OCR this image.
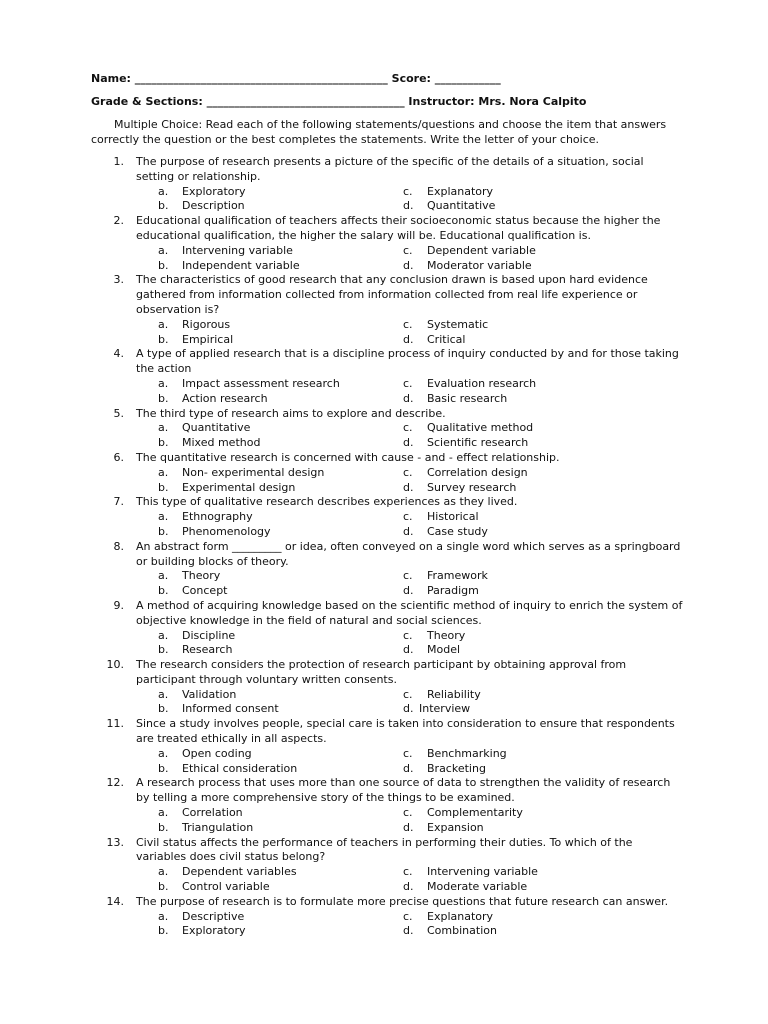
Name: ______________________________________________ Score: ____________
Grade & Sections: ____________________________________ Instructor: Mrs. Nora Calpito
Multiple Choice: Read each of the following statements/questions and choose the item that answers correctly the question or the best completes the statements. Write the letter of your choice.
1. The purpose of research presents a picture of the specific of the details of a situation, social setting or relationship.
a.	Exploratory	c.	Explanatory
b.	Description	d.	Quantitative
2. Educational qualification of teachers affects their socioeconomic status because the higher the educational qualification, the higher the salary will be. Educational qualification is.
a.	Intervening variable	c.	Dependent variable
b.	Independent variable	d.	Moderator variable
3. The characteristics of good research that any conclusion drawn is based upon hard evidence gathered from information collected from information collected from real life experience or observation is?
a.	Rigorous	c.	Systematic
b.	Empirical	d.	Critical
4. A type of applied research that is a discipline process of inquiry conducted by and for those taking the action
a.	Impact assessment research	c.	Evaluation research
b.	Action research	d.	Basic research
5. The third type of research aims to explore and describe.
a.	Quantitative	c.	Qualitative method
b.	Mixed method	d.	Scientific research
6. The quantitative research is concerned with cause - and - effect relationship.
a.	Non- experimental design	c.	Correlation design
b.	Experimental design	d.	Survey research
7. This type of qualitative research describes experiences as they lived.
a.	Ethnography	c.	Historical
b.	Phenomenology	d.	Case study
8. An abstract form _________ or idea, often conveyed on a single word which serves as a springboard or building blocks of theory.
a.	Theory	c.	Framework
b.	Concept	d.	Paradigm
9. A method of acquiring knowledge based on the scientific method of inquiry to enrich the system of objective knowledge in the field of natural and social sciences.
a.	Discipline	c.	Theory
b.	Research	d.	Model
10. The research considers the protection of research participant by obtaining approval from participant through voluntary written consents.
a.	Validation	c.	Reliability
b.	Informed consent	d. Interview
11. Since a study involves people, special care is taken into consideration to ensure that respondents are treated ethically in all aspects.
a.	Open coding	c.	Benchmarking
b.	Ethical consideration	d.	Bracketing
12. A research process that uses more than one source of data to strengthen the validity of research by telling a more comprehensive story of the things to be examined.
a.	Correlation	c.	Complementarity
b.	Triangulation	d.	Expansion
13. Civil status affects the performance of teachers in performing their duties. To which of the variables does civil status belong?
a.	Dependent variables	c.	Intervening variable
b.	Control variable	d.	Moderate variable
14. The purpose of research is to formulate more precise questions that future research can answer.
a.	Descriptive	c.	Explanatory
b.	Exploratory	d.	Combination
